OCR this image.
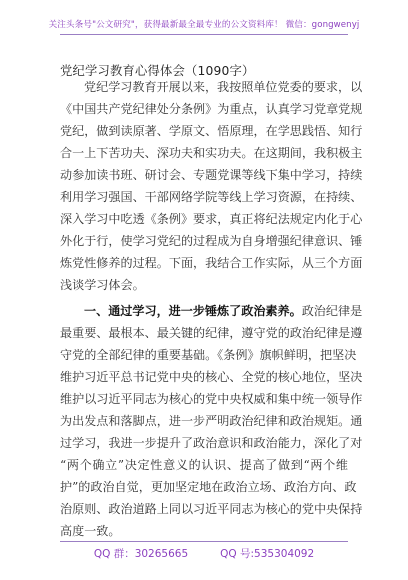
关注头条号"公文研究"，获得最新最全最专业的公文资料库！ 微信：gongwenyj
党纪学习教育心得体会（1090字）
党纪学习教育开展以来，我按照单位党委的要求，以
《中国共产党纪律处分条例》为重点，认真学习党章党规
党纪，做到读原著、学原文、悟原理，在学思践悟、知行
合一上下苦功夫、深功夫和实功夫。在这期间，我积极主
动参加读书班、研讨会、专题党课等线下集中学习，持续
利用学习强国、干部网络学院等线上学习资源，在持续、
深入学习中吃透《条例》要求，真正将纪法规定内化于心
外化于行，使学习党纪的过程成为自身增强纪律意识、锤
炼党性修养的过程。下面，我结合工作实际，从三个方面
浅谈学习体会。
一、通过学习，进一步锤炼了政治素养。政治纪律是
最重要、最根本、最关键的纪律，遵守党的政治纪律是遵
守党的全部纪律的重要基础。《条例》旗帜鲜明，把坚决
维护习近平总书记党中央的核心、全党的核心地位，坚决
维护以习近平同志为核心的党中央权威和集中统一领导作
为出发点和落脚点，进一步严明政治纪律和政治规矩。通
过学习，我进一步提升了政治意识和政治能力，深化了对
“两个确立”决定性意义的认识、提高了做到“两个维
护”的政治自觉，更加坚定地在政治立场、政治方向、政
治原则、政治道路上同以习近平同志为核心的党中央保持
高度一致。
QQ 群：30265665	QQ 号:535304092
